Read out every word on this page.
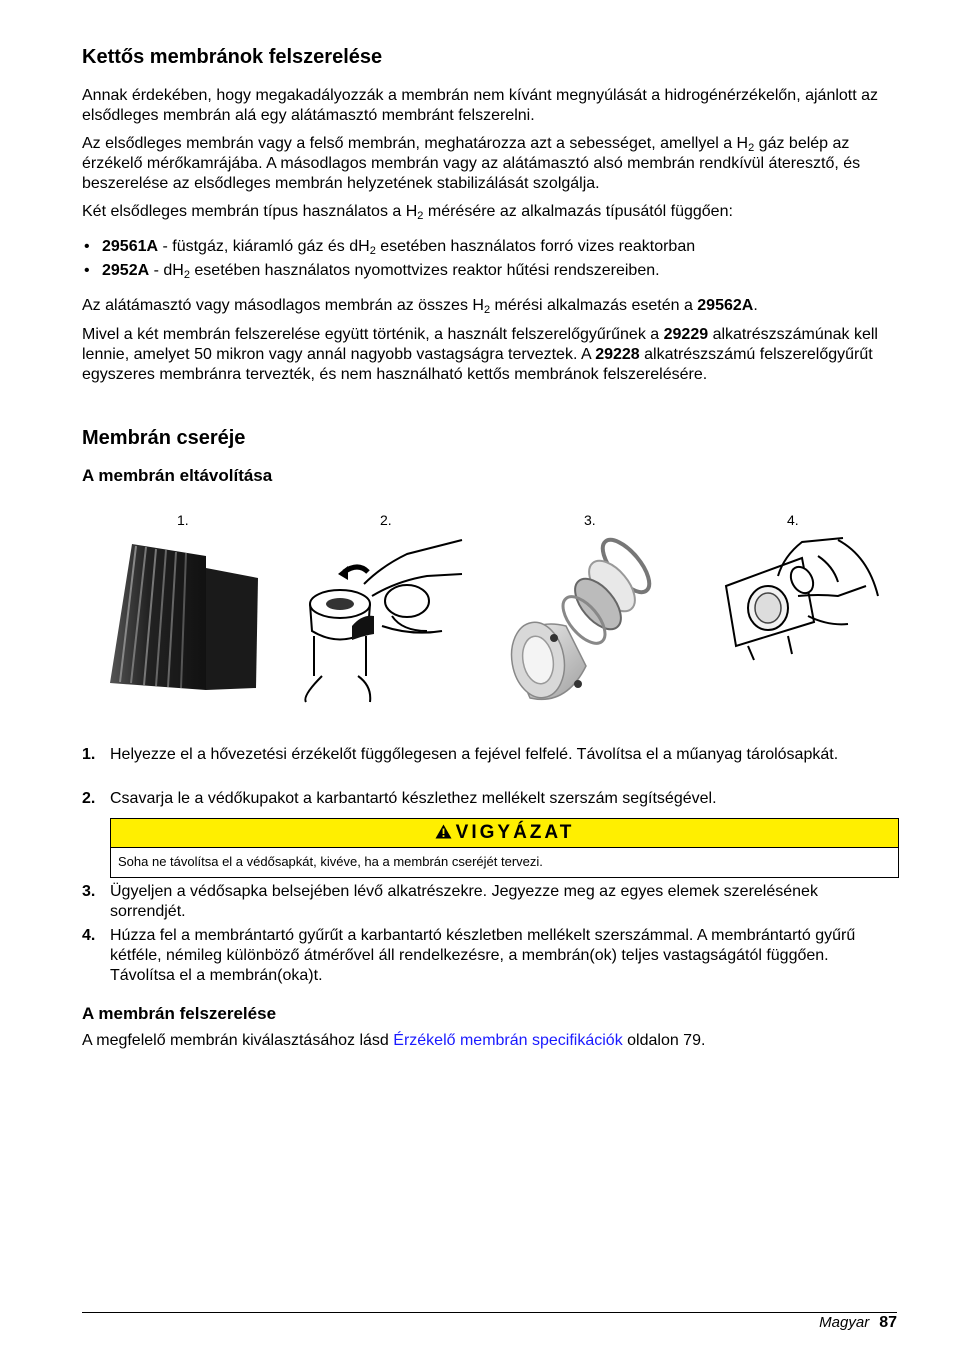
Kettős membránok felszerelése

Annak érdekében, hogy megakadályozzák a membrán nem kívánt megnyúlását a hidrogénérzékelőn, ajánlott az elsődleges membrán alá egy alátámasztó membránt felszerelni.

Az elsődleges membrán vagy a felső membrán, meghatározza azt a sebességet, amellyel a $H_2$ gáz belép az érzékelő mérőkamrájába. A másodlagos membrán vagy az alátámasztó alsó membrán rendkívül áteresztő, és beszerelése az elsődleges membrán helyzetének stabilizálását szolgálja.

Két elsődleges membrán típus használatos a $H_2$ mérésére az alkalmazás típusától függően:

• 29561A - füstgáz, kiáramló gáz és $dH_2$ esetében használatos forró vizes reaktorban
• $2952A - dH_2$ esetében használatos nyomottvizes reaktor hűtési rendszereiben.

Az alátámasztó vagy másodlagos membrán az összes $H_2$ mérési alkalmazás esetén a 29562A.

Mivel a két membrán felszerelése együtt történik, a használt felszerelőgyűrűnek a 29229 alkatrészszámúnak kell lennie, amelyet 50 mikron vagy annál nagyobb vastagságra terveztek. A 29228 alkatrészszámú felszerelőgyűrűt egyszeres membránra tervezték, és nem használható kettős membránok felszerelésére.

Membrán cseréje
A membrán eltávolítása
1.	2.	3.	4.
1. Helyezze el a hővezetési érzékelőt függőlegesen a fejével felfelé. Távolítsa el a műanyag tárolósapkát.
2. Csavarja le a védőkupakot a karbantartó készlethez mellékelt szerszám segítségével.
VIGYÁZAT
Soha ne távolítsa el a védősapkát, kivéve, ha a membrán cseréjét tervezi.
3. Ügyeljen a védősapka belsejében lévő alkatrészekre. Jegyezze meg az egyes elemek szerelésének sorrendjét.
4. Húzza fel a membrántartó gyűrűt a karbantartó készletben mellékelt szerszámmal. A membrántartó gyűrű kétféle, némileg különböző átmérővel áll rendelkezésre, a membrán(ok) teljes vastagságától függően. Távolítsa el a membrán(oka)t.
A membrán felszerelése

A megfelelő membrán kiválasztásához lásd Érzékelő membrán specifikációk oldalon 79.

Magyar 87
